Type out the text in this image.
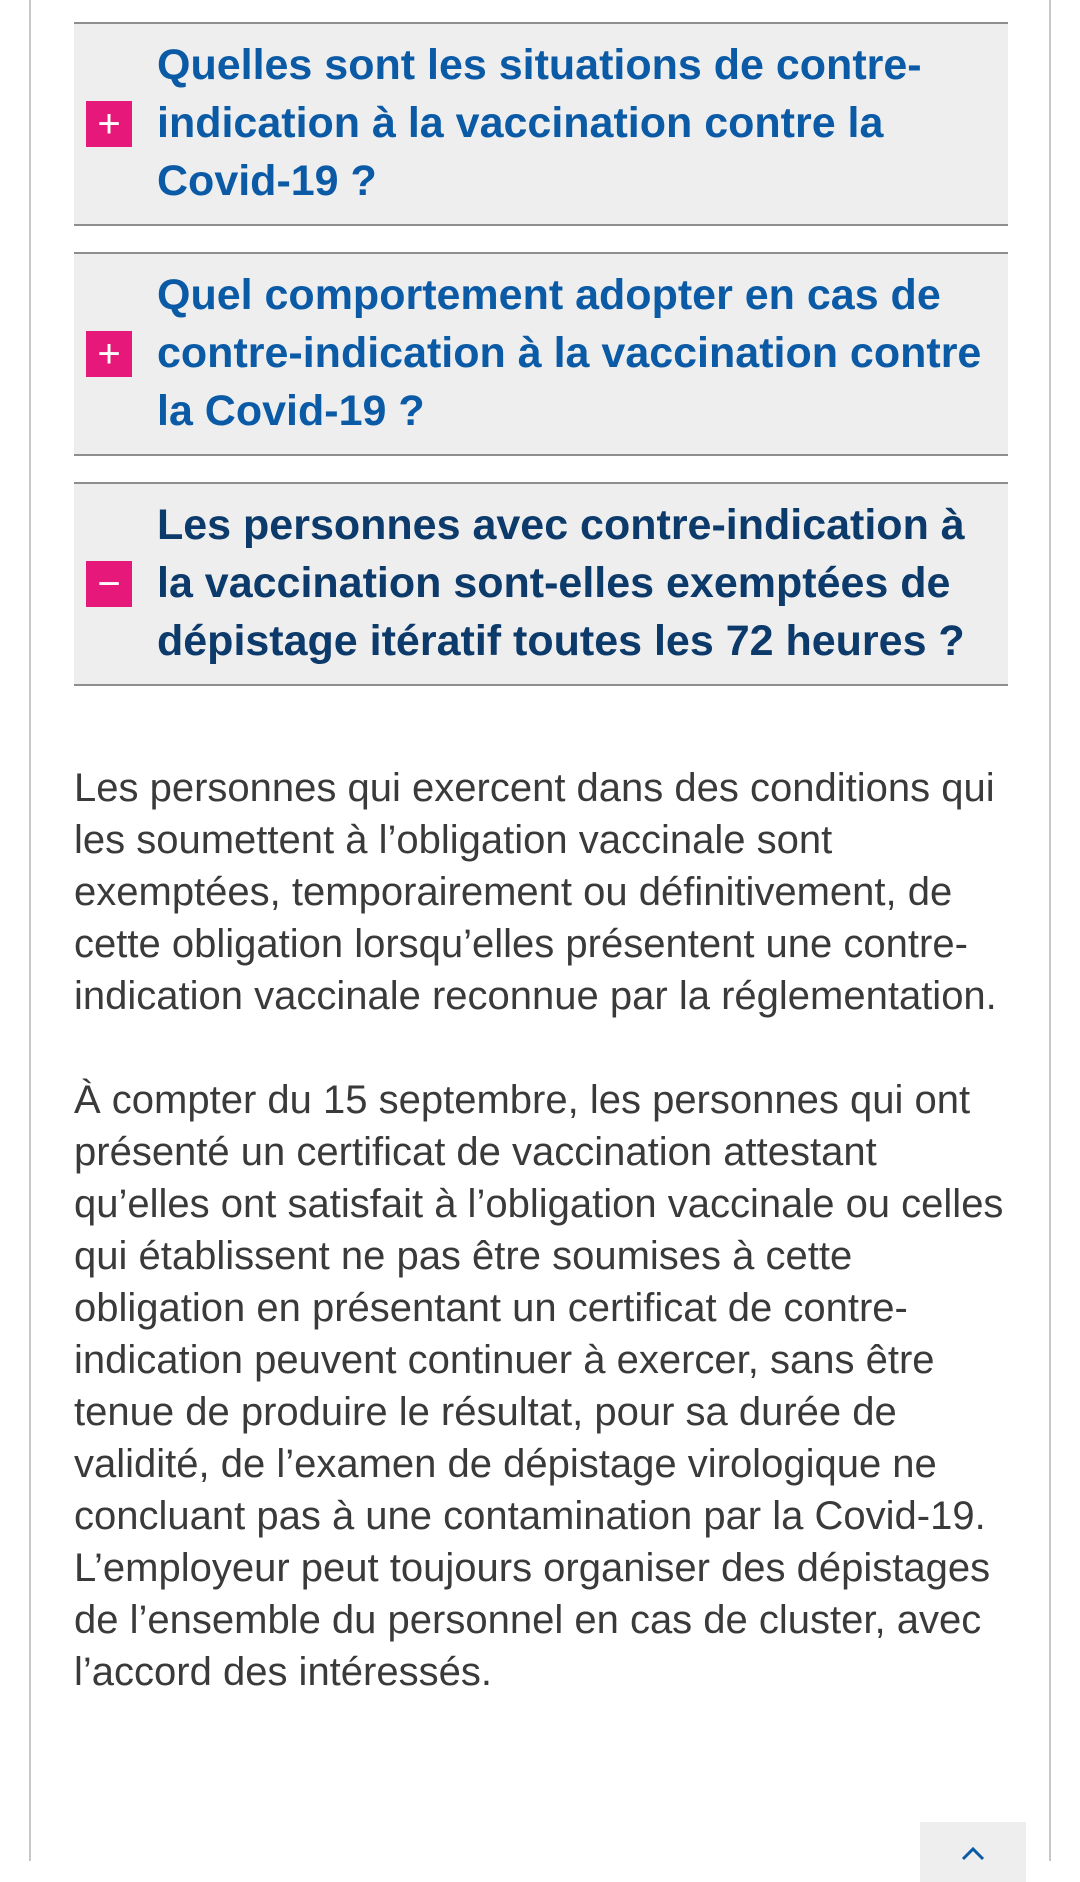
+
Quelles sont les situations de contre-indication à la vaccination contre la Covid-19 ?
+
Quel comportement adopter en cas de contre-indication à la vaccination contre la Covid-19 ?
−
Les personnes avec contre-indication à la vaccination sont-elles exemptées de dépistage itératif toutes les 72 heures ?

Les personnes qui exercent dans des conditions qui les soumettent à l’obligation vaccinale sont exemptées, temporairement ou définitivement, de cette obligation lorsqu’elles présentent une contre-indication vaccinale reconnue par la réglementation.

À compter du 15 septembre, les personnes qui ont présenté un certificat de vaccination attestant qu’elles ont satisfait à l’obligation vaccinale ou celles qui établissent ne pas être soumises à cette obligation en présentant un certificat de contre-indication peuvent continuer à exercer, sans être tenue de produire le résultat, pour sa durée de validité, de l’examen de dépistage virologique ne concluant pas à une contamination par la Covid-19. L’employeur peut toujours organiser des dépistages de l’ensemble du personnel en cas de cluster, avec l’accord des intéressés.
